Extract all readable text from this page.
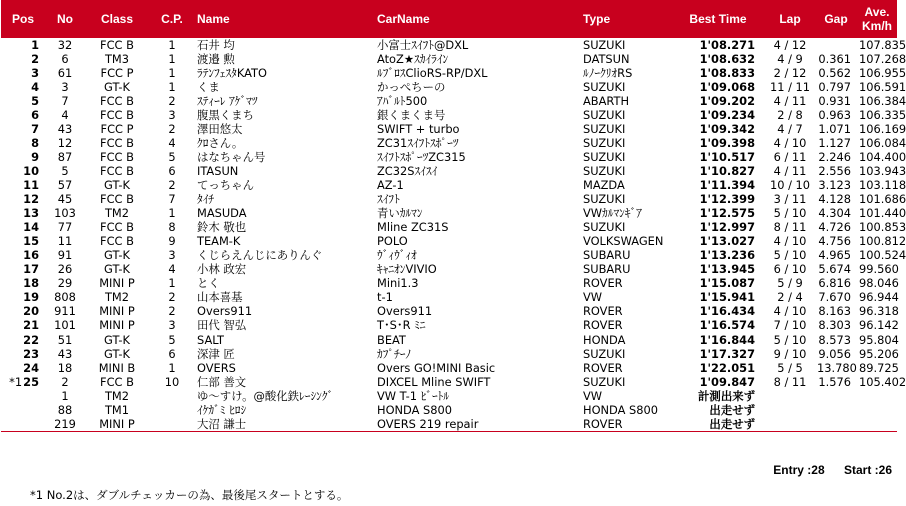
Pos	No	Class	C.P.	Name	CarName	Type	Best Time	Lap	Gap	Ave.
Km/h

1	32	FCC B	1	石井 均	小富士ｽｲﾌﾄ@DXL	SUZUKI	1'08.271	4 / 12		107.835
2	6	TM3	1	渡邉 勲	AtoZ★ｽｶｲﾗｲﾝ	DATSUN	1'08.632	4 / 9	0.361	107.268
3	61	FCC P	1	ﾗﾃﾝﾌｪｽﾀKATO	ﾙﾌﾞﾛｽClioRS-RP/DXL	ﾙﾉｰｸﾘｵRS	1'08.833	2 / 12	0.562	106.955
4	3	GT-K	1	くま	かっぺちーの	SUZUKI	1'09.068	11 / 11	0.797	106.591
5	7	FCC B	2	ｽﾃｨｰﾚ ｱｹﾞﾏﾂ	ｱﾊﾞﾙﾄ500	ABARTH	1'09.202	4 / 11	0.931	106.384
6	4	FCC B	3	腹黒くまち	銀くまくま号	SUZUKI	1'09.234	2 / 8	0.963	106.335
7	43	FCC P	2	澤田悠太	SWIFT + turbo	SUZUKI	1'09.342	4 / 7	1.071	106.169
8	12	FCC B	4	ｸﾛさん。	ZC31ｽｲﾌﾄｽﾎﾟｰﾂ	SUZUKI	1'09.398	4 / 10	1.127	106.084
9	87	FCC B	5	はなちゃん号	ｽｲﾌﾄｽﾎﾟｰﾂZC315	SUZUKI	1'10.517	6 / 11	2.246	104.400
10	5	FCC B	6	ITASUN	ZC32Sｽｲｽｲ	SUZUKI	1'10.827	4 / 11	2.556	103.943
11	57	GT-K	2	てっちゃん	AZ-1	MAZDA	1'11.394	10 / 10	3.123	103.118
12	45	FCC B	7	ﾀｲﾁ	ｽｲﾌﾄ	SUZUKI	1'12.399	3 / 11	4.128	101.686
13	103	TM2	1	MASUDA	青いｶﾙﾏﾝ	VWｶﾙﾏﾝｷﾞｱ	1'12.575	5 / 10	4.304	101.440
14	77	FCC B	8	鈴木 敬也	Mline ZC31S	SUZUKI	1'12.997	8 / 11	4.726	100.853
15	11	FCC B	9	TEAM-K	POLO	VOLKSWAGEN	1'13.027	4 / 10	4.756	100.812
16	91	GT-K	3	くじらえんじにありんぐ	ｳﾞｨｳﾞｨｵ	SUBARU	1'13.236	5 / 10	4.965	100.524
17	26	GT-K	4	小林 政宏	ｷｬﾆｵﾝVIVIO	SUBARU	1'13.945	6 / 10	5.674	99.560
18	29	MINI P	1	とく	Mini1.3	ROVER	1'15.087	5 / 9	6.816	98.046
19	808	TM2	2	山本喜基	t-1	VW	1'15.941	2 / 4	7.670	96.944
20	911	MINI P	2	Overs911	Overs911	ROVER	1'16.434	4 / 10	8.163	96.318
21	101	MINI P	3	田代 智弘	T･S･R ﾐﾆ	ROVER	1'16.574	7 / 10	8.303	96.142
22	51	GT-K	5	SALT	BEAT	HONDA	1'16.844	5 / 10	8.573	95.804
23	43	GT-K	6	深津 匠	ｶﾌﾟﾁｰﾉ	SUZUKI	1'17.327	9 / 10	9.056	95.206
24	18	MINI B	1	OVERS	Overs GO!MINI Basic	ROVER	1'22.051	5 / 5	13.780	89.725
*125	2	FCC B	10	仁部 善文	DIXCEL Mline SWIFT	SUZUKI	1'09.847	8 / 11	1.576	105.402
	1	TM2		ゆ～すけ。@酸化鉄ﾚｰｼﾝｸﾞ	VW T-1 ﾋﾞｰﾄﾙ	VW	計測出来ず			
	88	TM1		ｲｹｶﾞﾐ ﾋﾛｼ	HONDA S800	HONDA S800	出走せず			
	219	MINI P		大沼 謙士	OVERS 219 repair	ROVER	出走せず			
Entry :28 Start :26
*1 No.2は、ダブルチェッカーの為、最後尾スタートとする。
